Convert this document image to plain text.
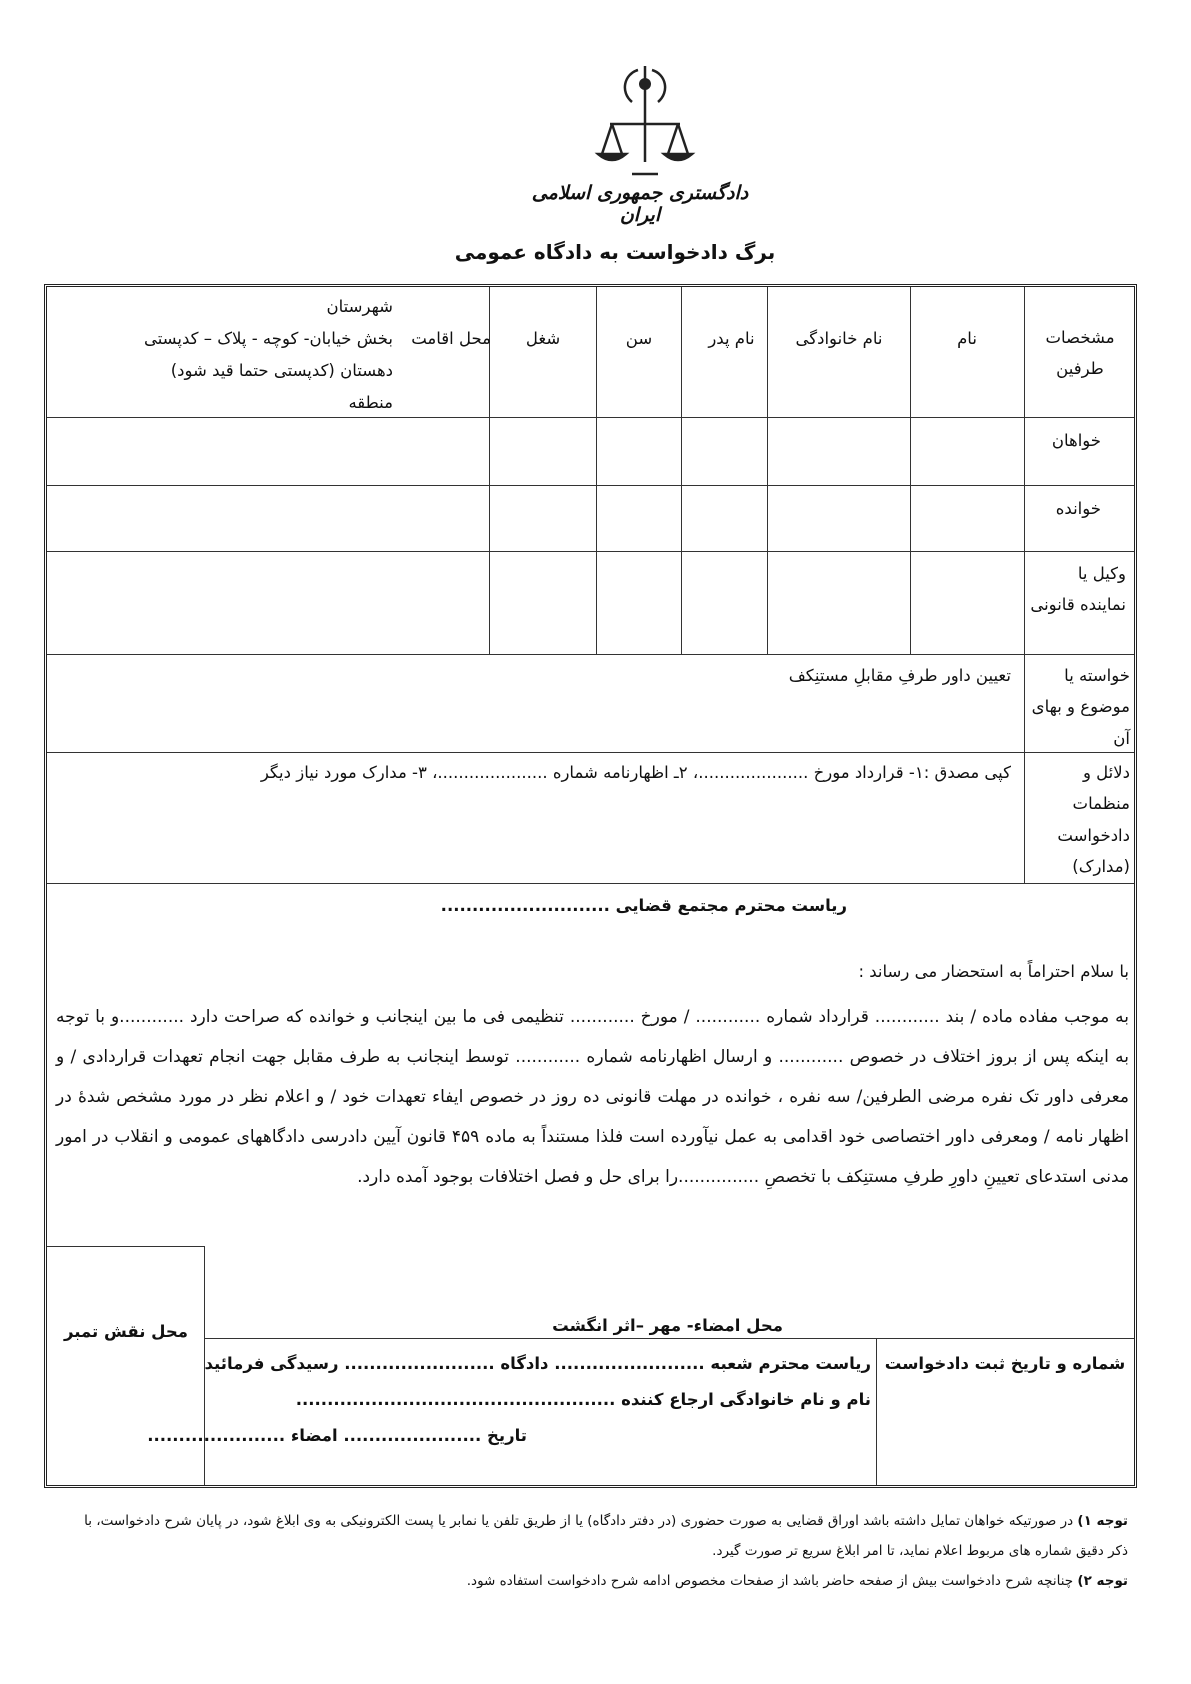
دادگستری جمهوری اسلامی ایران
برگ دادخواست به دادگاه عمومی
مشخصات طرفین
نام
نام خانوادگی
نام پدر
سن
شغل
محل اقامت
شهرستان
بخش خیابان- کوچه - پلاک – کدپستی
دهستان (کدپستی حتما قید شود)
منطقه
خواهان
خوانده
وکیل یا نماینده قانونی
خواسته یا موضوع و بهای آن
تعیین داور طرفِ مقابلِ مستنِکف
دلائل و منظمات دادخواست (مدارک)
کپی مصدق :۱- قرارداد مورخ .....................، ۲ـ اظهارنامه شماره .....................، ۳- مدارک مورد نیاز دیگر
ریاست محترم مجتمع قضایی ...........................
با سلام احتراماً به استحضار می رساند :

به موجب مفاده ماده / بند ............ قرارداد شماره ............ / مورخ ............ تنظیمی فی ما بین اینجانب و خوانده که صراحت دارد ............و با توجه به اینکه پس از بروز اختلاف در خصوص ............ و ارسال اظهارنامه شماره ............ توسط اینجانب به طرف مقابل جهت انجام تعهدات قراردادی / و معرفی داور تک نفره مرضی الطرفین/ سه نفره ، خوانده در مهلت قانونی ده روز در خصوص ایفاء تعهدات خود / و اعلام نظر در مورد مشخص شدهٔ در اظهار نامه / ومعرفی داور اختصاصی خود اقدامی به عمل نیآورده است فلذا مستنداً به ماده ۴۵۹ قانون آیین دادرسی دادگاههای عمومی و انقلاب در امور مدنی استدعای تعیینِ داورِ طرفِ مستنِکف با تخصصِ ...............را برای حل و فصل اختلافات بوجود آمده دارد.

محل نقش تمبر	محل امضاء- مهر –اثر انگشت
شماره و تاریخ ثبت دادخواست
ریاست محترم شعبه ........................ دادگاه ........................ رسیدگی فرمائید
نام و نام خانوادگی ارجاع کننده ...................................................
تاریخ ...................... امضاء ......................

توجه ۱) در صورتیکه خواهان تمایل داشته باشد اوراق قضایی به صورت حضوری (در دفتر دادگاه) یا از طریق تلفن یا نمابر یا پست الکترونیکی به وی ابلاغ شود، در پایان شرح دادخواست، با ذکر دقیق شماره های مربوط اعلام نماید، تا امر ابلاغ سریع تر صورت گیرد.

توجه ۲) چنانچه شرح دادخواست بیش از صفحه حاضر باشد از صفحات مخصوص ادامه شرح دادخواست استفاده شود.
